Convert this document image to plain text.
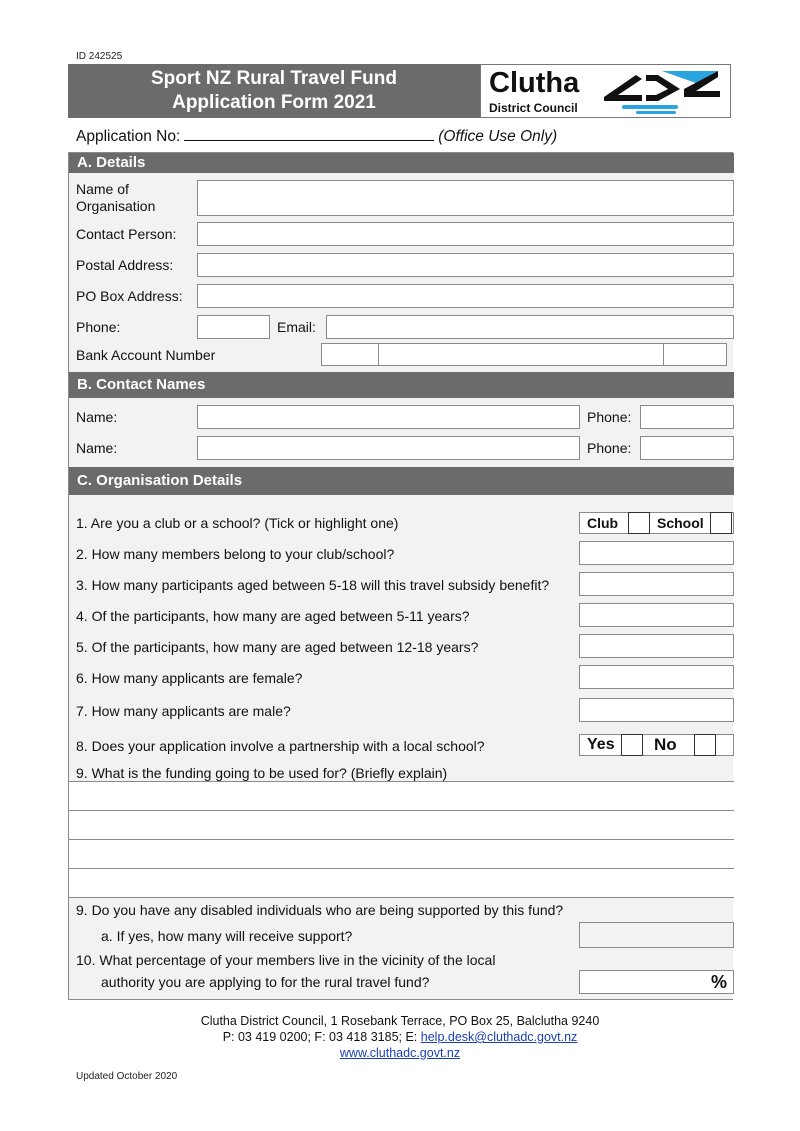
ID 242525
Sport NZ Rural Travel Fund
Application Form 2021
Clutha
District Council
Application No:	(Office Use Only)
A. Details
Name of
Organisation
Contact Person:
Postal Address:
PO Box Address:
Phone:	Email:
Bank Account Number
B. Contact Names
Name:	Phone:
Name:	Phone:
C. Organisation Details
1. Are you a club or a school? (Tick or highlight one)	Club	School
2. How many members belong to your club/school?
3. How many participants aged between 5-18 will this travel subsidy benefit?
4. Of the participants, how many are aged between 5-11 years?
5. Of the participants, how many are aged between 12-18 years?
6. How many applicants are female?
7. How many applicants are male?
8. Does your application involve a partnership with a local school?	Yes No
9. What is the funding going to be used for? (Briefly explain)
9. Do you have any disabled individuals who are being supported by this fund?
a. If yes, how many will receive support?
10. What percentage of your members live in the vicinity of the local
authority you are applying to for the rural travel fund?	%
Clutha District Council, 1 Rosebank Terrace, PO Box 25, Balclutha 9240
P: 03 419 0200; F: 03 418 3185; E: help.desk@cluthadc.govt.nz
www.cluthadc.govt.nz
Updated October 2020
